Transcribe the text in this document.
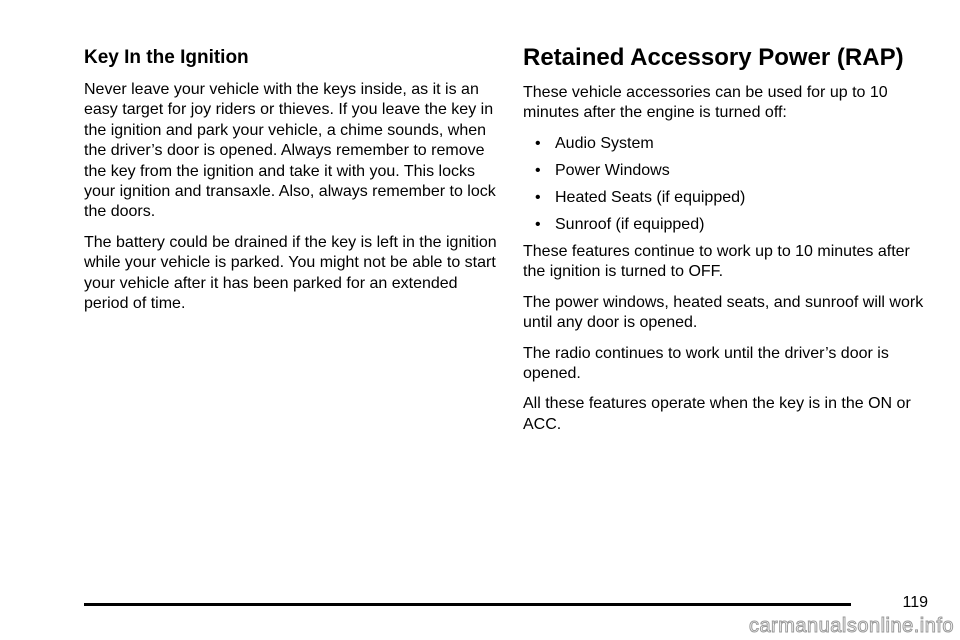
Key In the Ignition

Never leave your vehicle with the keys inside, as it is an easy target for joy riders or thieves. If you leave the key in the ignition and park your vehicle, a chime sounds, when the driver’s door is opened. Always remember to remove the key from the ignition and take it with you. This locks your ignition and transaxle. Also, always remember to lock the doors.

The battery could be drained if the key is left in the ignition while your vehicle is parked. You might not be able to start your vehicle after it has been parked for an extended period of time.

Retained Accessory Power (RAP)

These vehicle accessories can be used for up to 10 minutes after the engine is turned off:

• Audio System
• Power Windows
• Heated Seats (if equipped)
• Sunroof (if equipped)

These features continue to work up to 10 minutes after the ignition is turned to OFF.

The power windows, heated seats, and sunroof will work until any door is opened.

The radio continues to work until the driver’s door is opened.

All these features operate when the key is in the ON or ACC.

119
carmanualsonline.info
